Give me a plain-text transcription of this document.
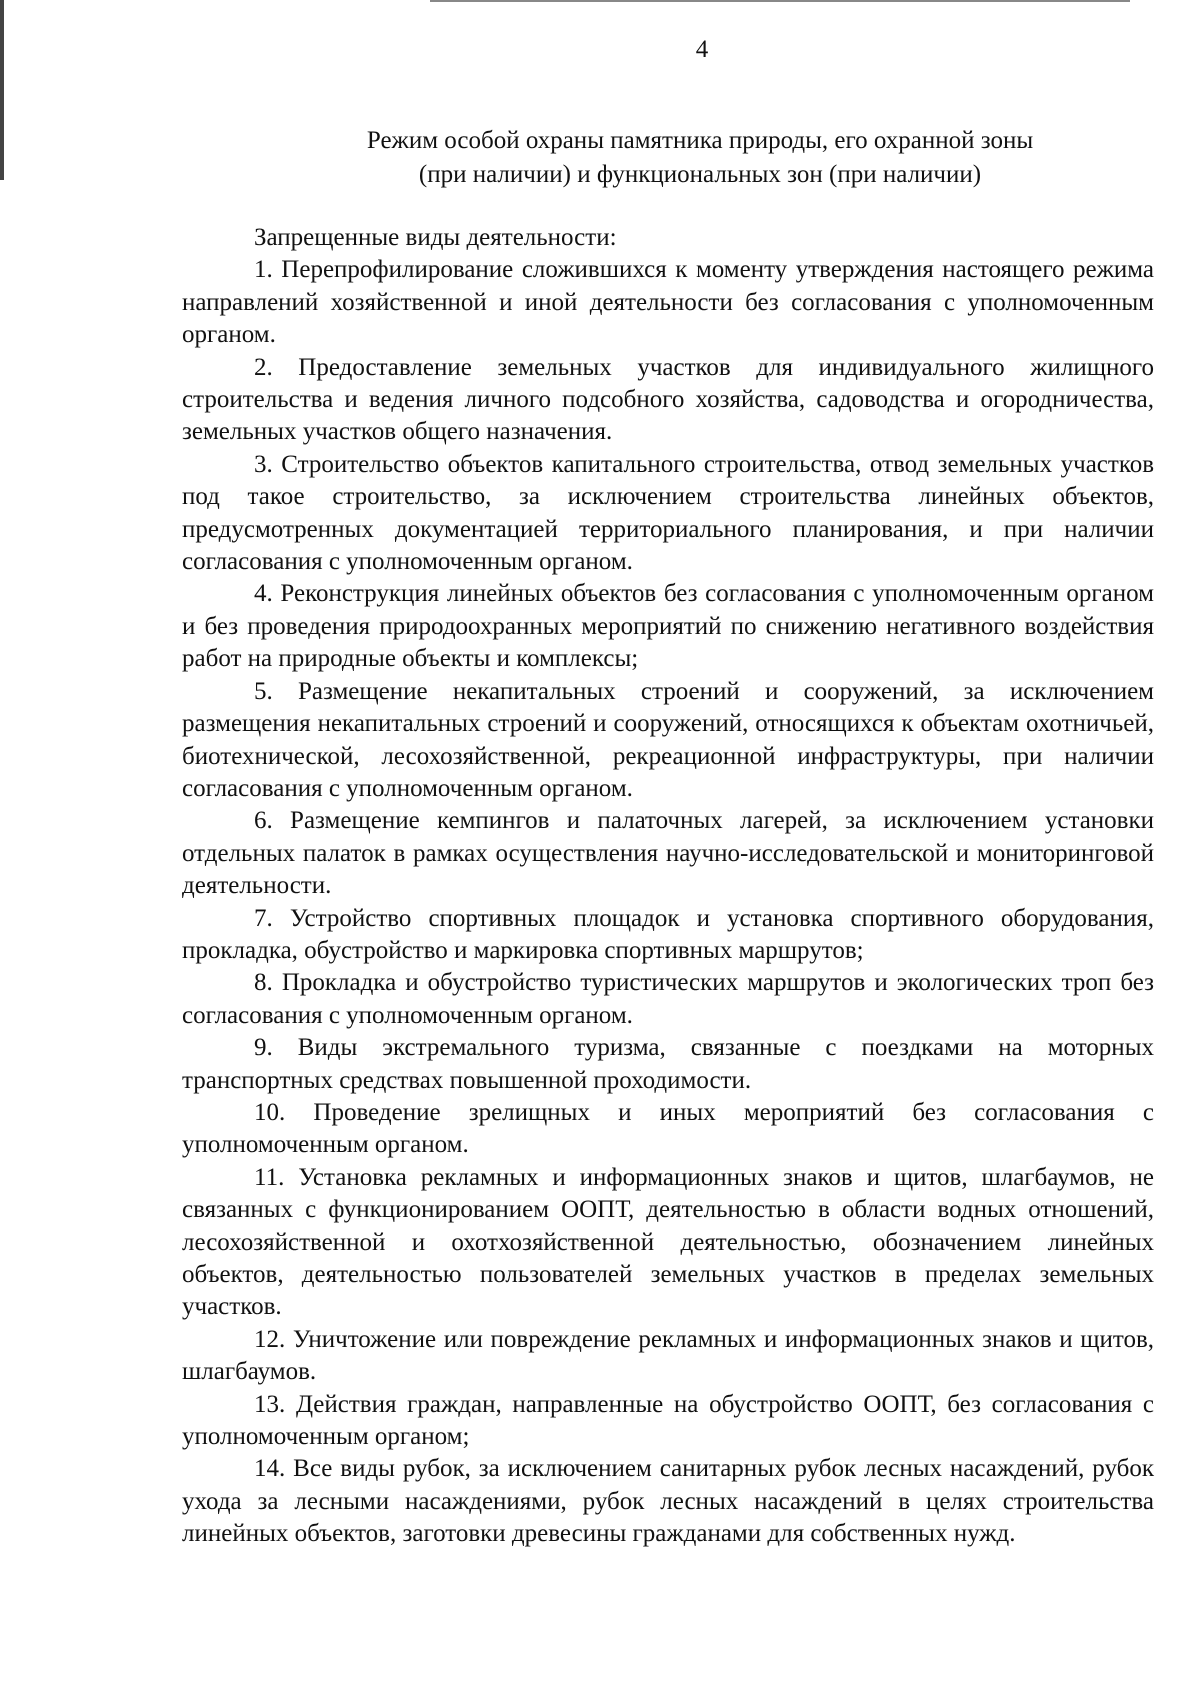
4
Режим особой охраны памятника природы, его охранной зоны
(при наличии) и функциональных зон (при наличии)

Запрещенные виды деятельности:

1. Перепрофилирование сложившихся к моменту утверждения настоящего режима направлений хозяйственной и иной деятельности без согласования с уполномоченным органом.

2. Предоставление земельных участков для индивидуального жилищного строительства и ведения личного подсобного хозяйства, садоводства и огородничества, земельных участков общего назначения.

3. Строительство объектов капитального строительства, отвод земельных участков под такое строительство, за исключением строительства линейных объектов, предусмотренных документацией территориального планирования, и при наличии согласования с уполномоченным органом.

4. Реконструкция линейных объектов без согласования с уполномоченным органом и без проведения природоохранных мероприятий по снижению негативного воздействия работ на природные объекты и комплексы;

5. Размещение некапитальных строений и сооружений, за исключением размещения некапитальных строений и сооружений, относящихся к объектам охотничьей, биотехнической, лесохозяйственной, рекреационной инфраструктуры, при наличии согласования с уполномоченным органом.

6. Размещение кемпингов и палаточных лагерей, за исключением установки отдельных палаток в рамках осуществления научно-исследовательской и мониторинговой деятельности.

7. Устройство спортивных площадок и установка спортивного оборудования, прокладка, обустройство и маркировка спортивных маршрутов;

8. Прокладка и обустройство туристических маршрутов и экологических троп без согласования с уполномоченным органом.

9. Виды экстремального туризма, связанные с поездками на моторных транспортных средствах повышенной проходимости.

10. Проведение зрелищных и иных мероприятий без согласования с уполномоченным органом.

11. Установка рекламных и информационных знаков и щитов, шлагбаумов, не связанных с функционированием ООПТ, деятельностью в области водных отношений, лесохозяйственной и охотхозяйственной деятельностью, обозначением линейных объектов, деятельностью пользователей земельных участков в пределах земельных участков.

12. Уничтожение или повреждение рекламных и информационных знаков и щитов, шлагбаумов.

13. Действия граждан, направленные на обустройство ООПТ, без согласования с уполномоченным органом;

14. Все виды рубок, за исключением санитарных рубок лесных насаждений, рубок ухода за лесными насаждениями, рубок лесных насаждений в целях строительства линейных объектов, заготовки древесины гражданами для собственных нужд.
